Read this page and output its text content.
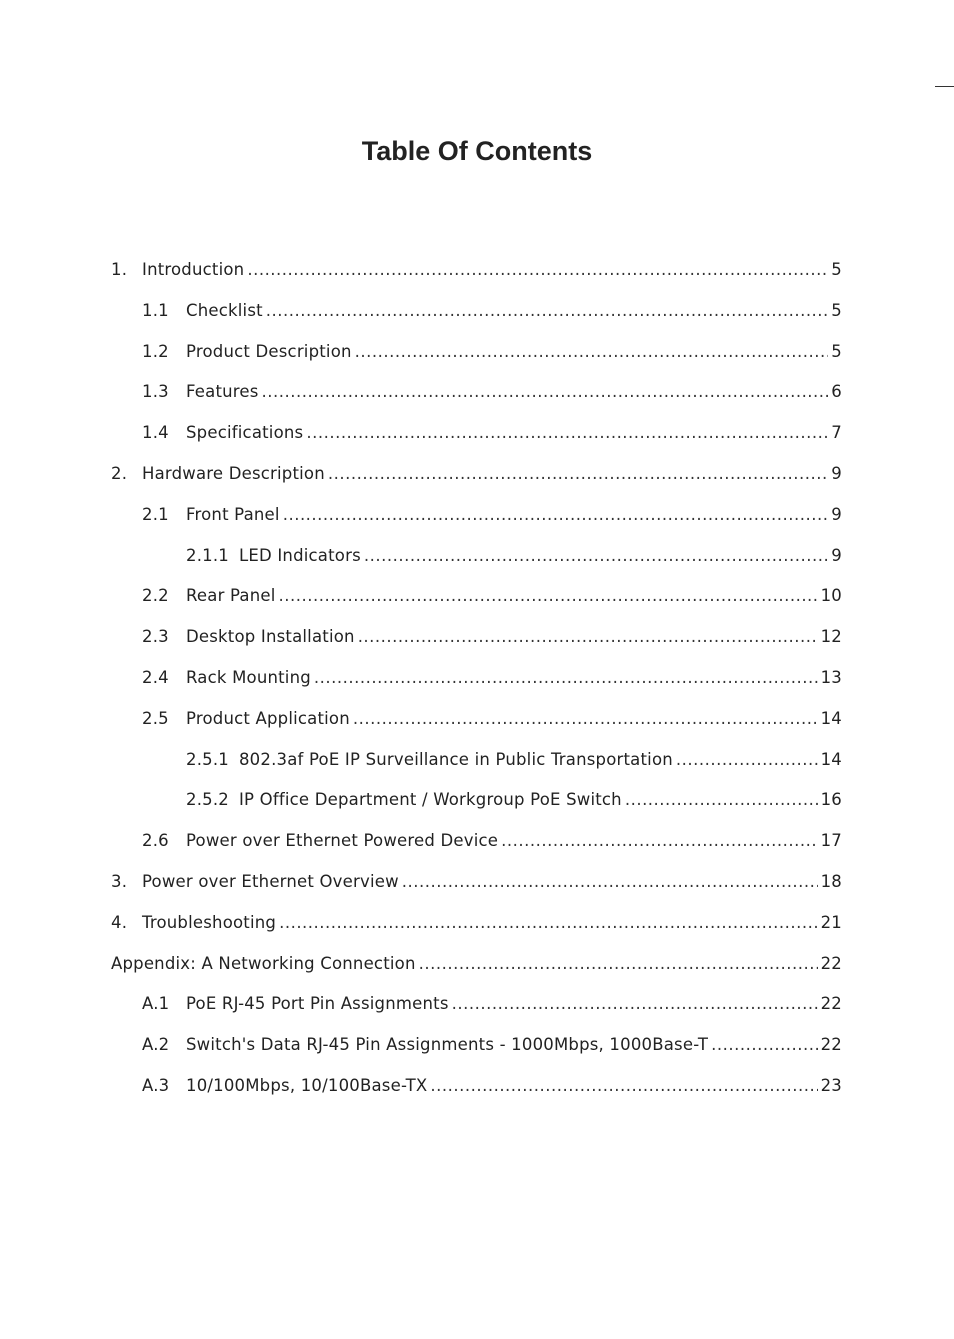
Table Of Contents
1. Introduction .....	5
1.1	Checklist .....	5
1.2	Product Description .....	5
1.3	Features .....	6
1.4	Specifications .....	7
2. Hardware Description .....	9
2.1	Front Panel .....	9
2.1.1 LED Indicators .....	9
2.2	Rear Panel .....	10
2.3	Desktop Installation .....	12
2.4	Rack Mounting .....	13
2.5	Product Application .....	14
2.5.1 802.3af PoE IP Surveillance in Public Transportation .....	14
2.5.2 IP Office Department / Workgroup PoE Switch .....	16
2.6	Power over Ethernet Powered Device .....	17
3. Power over Ethernet Overview .....	18
4. Troubleshooting .....	21
Appendix: A Networking Connection .....	22
A.1	PoE RJ-45 Port Pin Assignments .....	22
A.2	Switch's Data RJ-45 Pin Assignments - 1000Mbps, 1000Base-T .....	22
A.3	10/100Mbps, 10/100Base-TX .....	23
